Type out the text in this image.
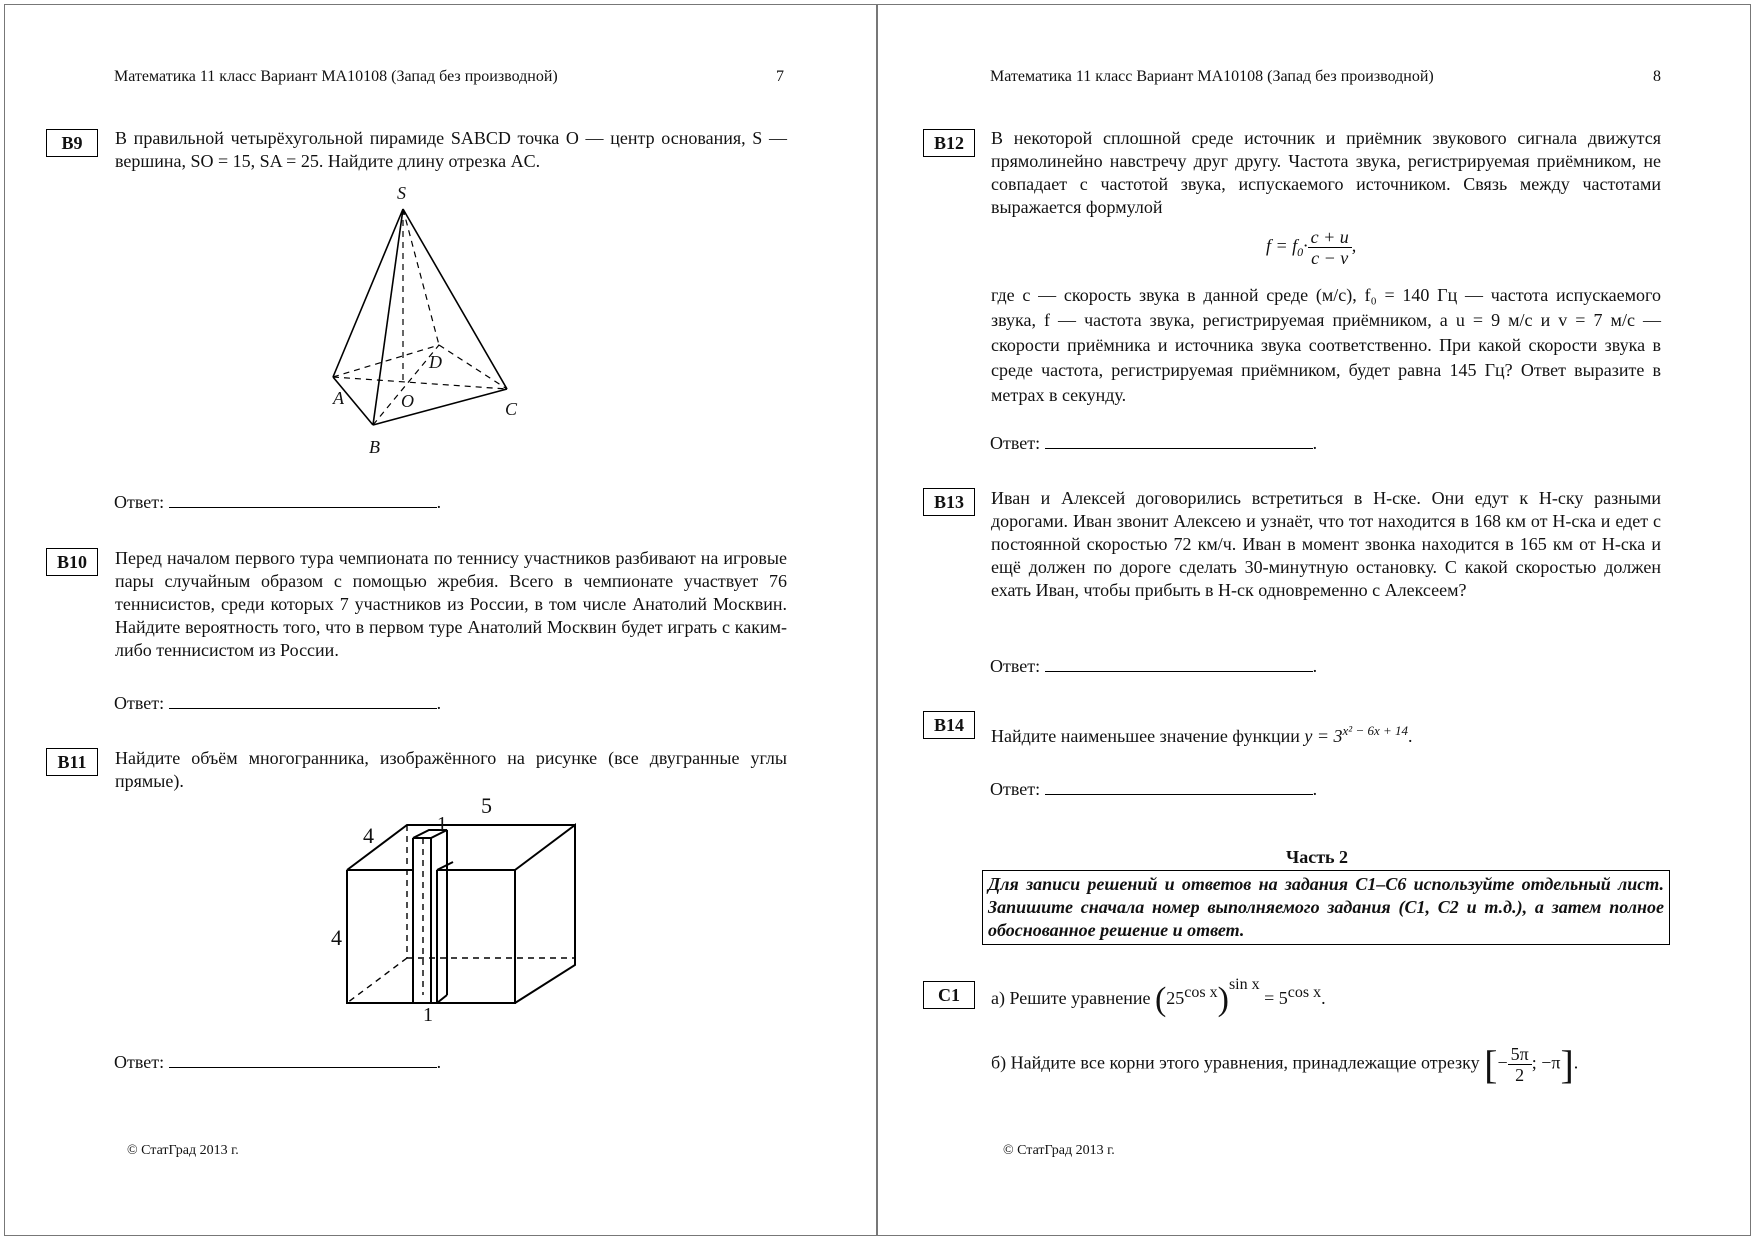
Математика 11 класс Вариант МА10108 (Запад без производной)	7
B9	В правильной четырёхугольной пирамиде SABCD точка O — центр основания, S — вершина, SO = 15, SA = 25. Найдите длину отрезка AC.
S
A
B
C
D
O
Ответ:	.
B10	Перед началом первого тура чемпионата по теннису участников разбивают на игровые пары случайным образом с помощью жребия. Всего в чемпионате участвует 76 теннисистов, среди которых 7 участников из России, в том числе Анатолий Москвин. Найдите вероятность того, что в первом туре Анатолий Москвин будет играть с каким-либо теннисистом из России.
Ответ:	.
B11	Найдите объём многогранника, изображённого на рисунке (все двугранные углы прямые).
5
4
4
1
1
Ответ:	.
© СтатГрад 2013 г.
Математика 11 класс Вариант МА10108 (Запад без производной)	8
B12	В некоторой сплошной среде источник и приёмник звукового сигнала движутся прямолинейно навстречу друг другу. Частота звука, регистрируемая приёмником, не совпадает с частотой звука, испускаемого источником. Связь между частотами выражается формулой
$f = f_0\cdot \frac{c + u}{c - v}$ ,
где c — скорость звука в данной среде (м/с), f₀ = 140 Гц — частота испускаемого звука, f — частота звука, регистрируемая приёмником, а u = 9 м/с и v = 7 м/с — скорости приёмника и источника звука соответственно. При какой скорости звука в среде частота, регистрируемая приёмником, будет равна 145 Гц? Ответ выразите в метрах в секунду.
Ответ:	.
B13	Иван и Алексей договорились встретиться в Н-ске. Они едут к Н-ску разными дорогами. Иван звонит Алексею и узнаёт, что тот находится в 168 км от Н-ска и едет с постоянной скоростью 72 км/ч. Иван в момент звонка находится в 165 км от Н-ска и ещё должен по дороге сделать 30-минутную остановку. С какой скоростью должен ехать Иван, чтобы прибыть в Н-ск одновременно с Алексеем?
Ответ:	.
B14
Найдите наименьшее значение функции $y = 3^{x^2 - 6x + 14}$.
Ответ:	.
Часть 2
Для записи решений и ответов на задания C1–C6 используйте отдельный лист. Запишите сначала номер выполняемого задания (C1, C2 и т.д.), а затем полное обоснованное решение и ответ.
C1	а) Решите уравнение $(25^{cos x})^{sin x} = 5^{cos x}$.
б) Найдите все корни этого уравнения, принадлежащие отрезку [− $\frac{5\pi}{2}$ ; −π].
© СтатГрад 2013 г.
